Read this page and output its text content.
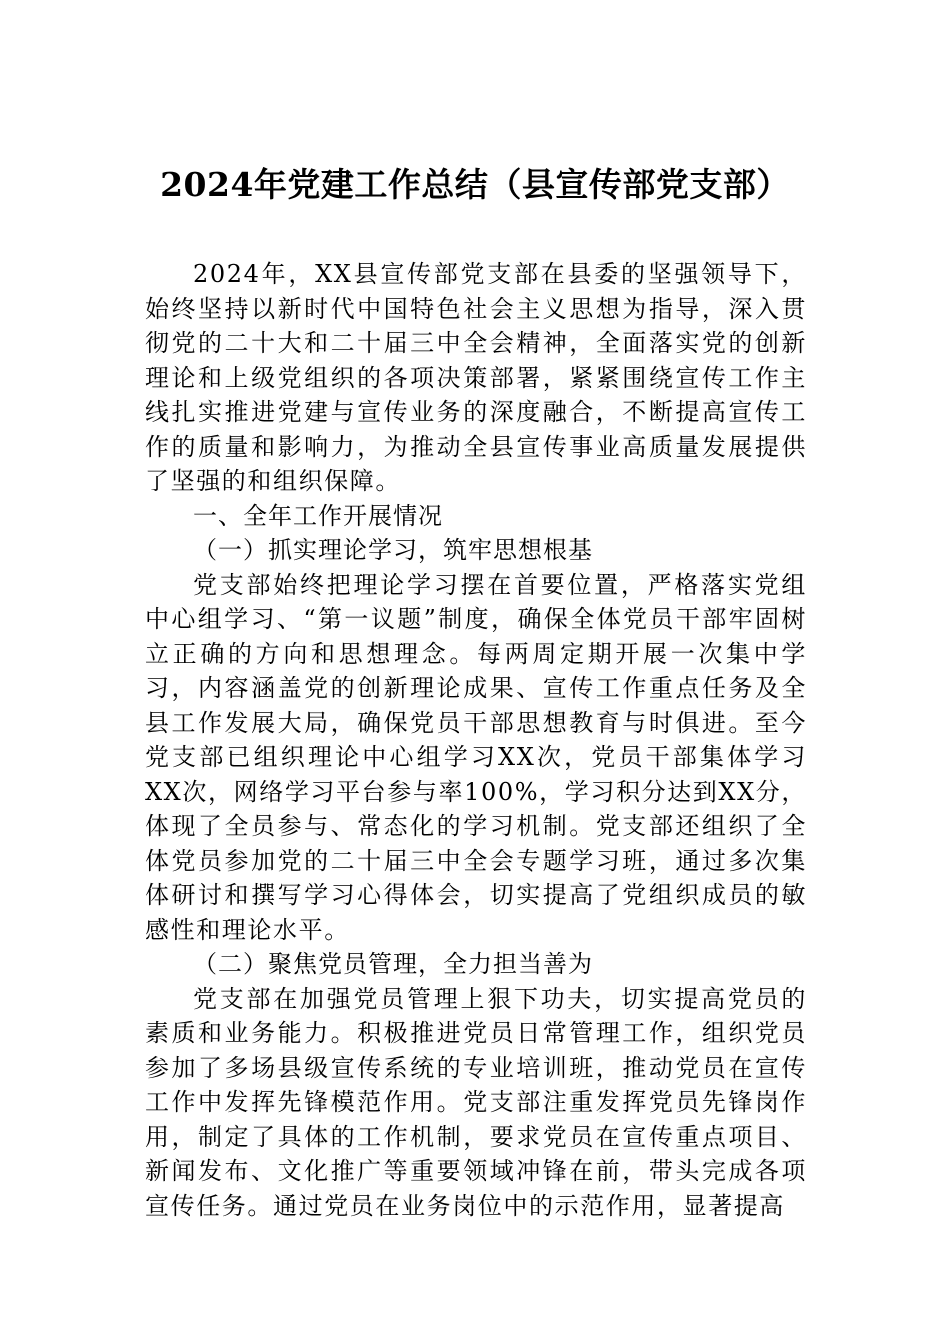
2024年党建工作总结（县宣传部党支部）

2024年，XX县宣传部党支部在县委的坚强领导下，始终坚持以新时代中国特色社会主义思想为指导，深入贯彻党的二十大和二十届三中全会精神，全面落实党的创新理论和上级党组织的各项决策部署，紧紧围绕宣传工作主线扎实推进党建与宣传业务的深度融合，不断提高宣传工作的质量和影响力，为推动全县宣传事业高质量发展提供了坚强的和组织保障。

一、全年工作开展情况

（一）抓实理论学习，筑牢思想根基

党支部始终把理论学习摆在首要位置，严格落实党组中心组学习、“第一议题”制度，确保全体党员干部牢固树立正确的方向和思想理念。每两周定期开展一次集中学习，内容涵盖党的创新理论成果、宣传工作重点任务及全县工作发展大局，确保党员干部思想教育与时俱进。至今党支部已组织理论中心组学习XX次，党员干部集体学习XX次，网络学习平台参与率100%，学习积分达到XX分，体现了全员参与、常态化的学习机制。党支部还组织了全体党员参加党的二十届三中全会专题学习班，通过多次集体研讨和撰写学习心得体会，切实提高了党组织成员的敏感性和理论水平。

（二）聚焦党员管理，全力担当善为

党支部在加强党员管理上狠下功夫，切实提高党员的素质和业务能力。积极推进党员日常管理工作，组织党员参加了多场县级宣传系统的专业培训班，推动党员在宣传工作中发挥先锋模范作用。党支部注重发挥党员先锋岗作用，制定了具体的工作机制，要求党员在宣传重点项目、新闻发布、文化推广等重要领域冲锋在前，带头完成各项宣传任务。通过党员在业务岗位中的示范作用，显著提高
